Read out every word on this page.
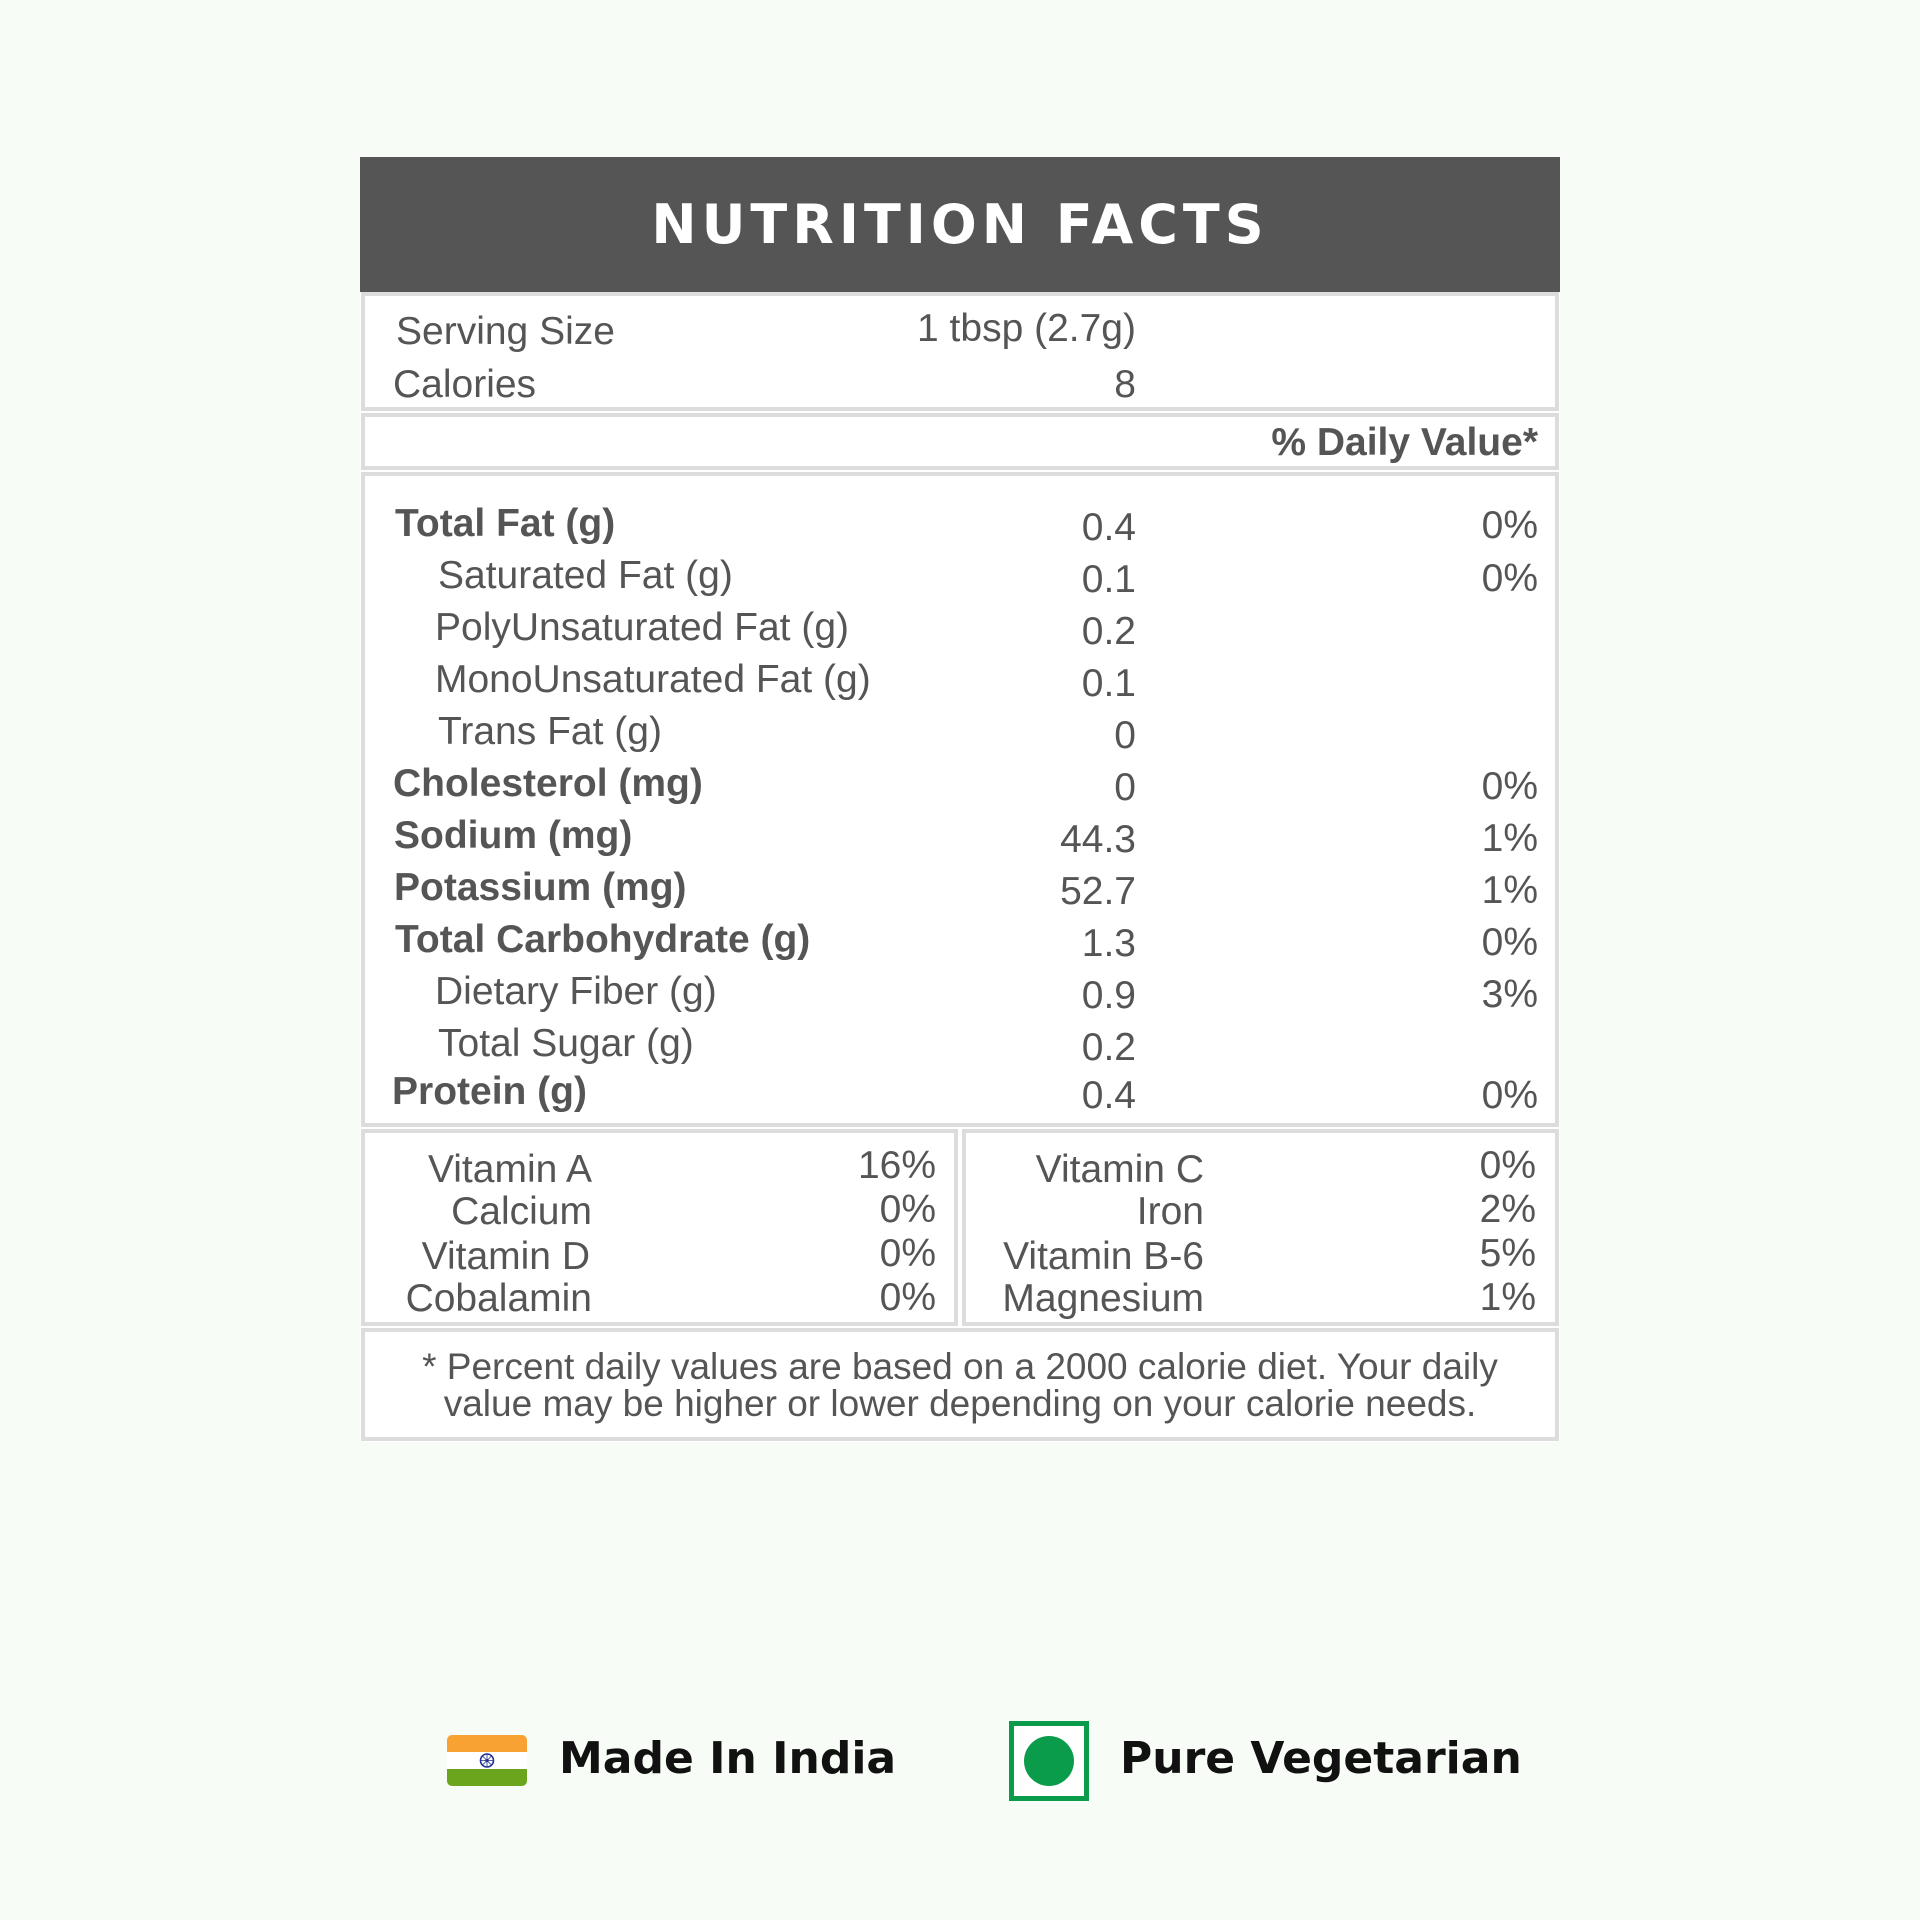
NUTRITION FACTS
Serving Size	1 tbsp (2.7g)
Calories	8
% Daily Value*
Total Fat (g)	0.4	0%
Saturated Fat (g)	0.1	0%
PolyUnsaturated Fat (g)	0.2
MonoUnsaturated Fat (g)	0.1
Trans Fat (g)	0
Cholesterol (mg)	0	0%
Sodium (mg)	44.3	1%
Potassium (mg)	52.7	1%
Total Carbohydrate (g)	1.3	0%
Dietary Fiber (g)	0.9	3%
Total Sugar (g)	0.2
Protein (g)	0.4	0%
Vitamin A	16%
Calcium	0%
Vitamin D	0%
Cobalamin	0%
Vitamin C	0%
Iron	2%
Vitamin B-6	5%
Magnesium	1%
* Percent daily values are based on a 2000 calorie diet. Your daily
value may be higher or lower depending on your calorie needs.
Made In India	Pure Vegetarian
